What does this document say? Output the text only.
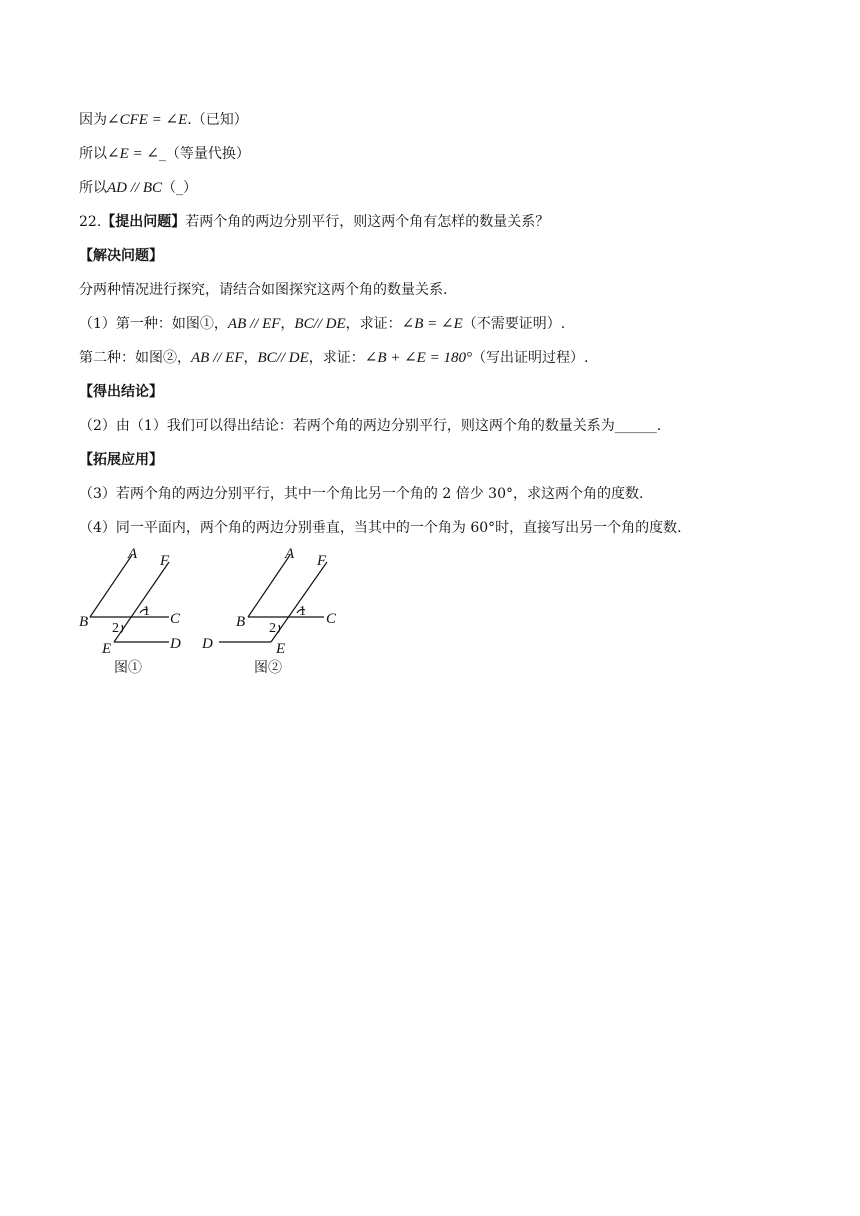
因为∠CFE = ∠E.（已知）
所以∠E = ∠_（等量代换）
所以AD // BC（_）
22.【提出问题】若两个角的两边分别平行，则这两个角有怎样的数量关系？
【解决问题】
分两种情况进行探究，请结合如图探究这两个角的数量关系.
（1）第一种：如图①，AB // EF，BC// DE，求证：∠B = ∠E（不需要证明）.
第二种：如图②，AB // EF，BC// DE，求证：∠B + ∠E = 180°（写出证明过程）.
【得出结论】
（2）由（1）我们可以得出结论：若两个角的两边分别平行，则这两个角的数量关系为______.
【拓展应用】
（3）若两个角的两边分别平行，其中一个角比另一个角的 2 倍少 30°，求这两个角的度数.
（4）同一平面内，两个角的两边分别垂直，当其中的一个角为 60°时，直接写出另一个角的度数.
A F
B	C
E	D
1
2
图①
A F
B	C
E
D
1
2
图②
